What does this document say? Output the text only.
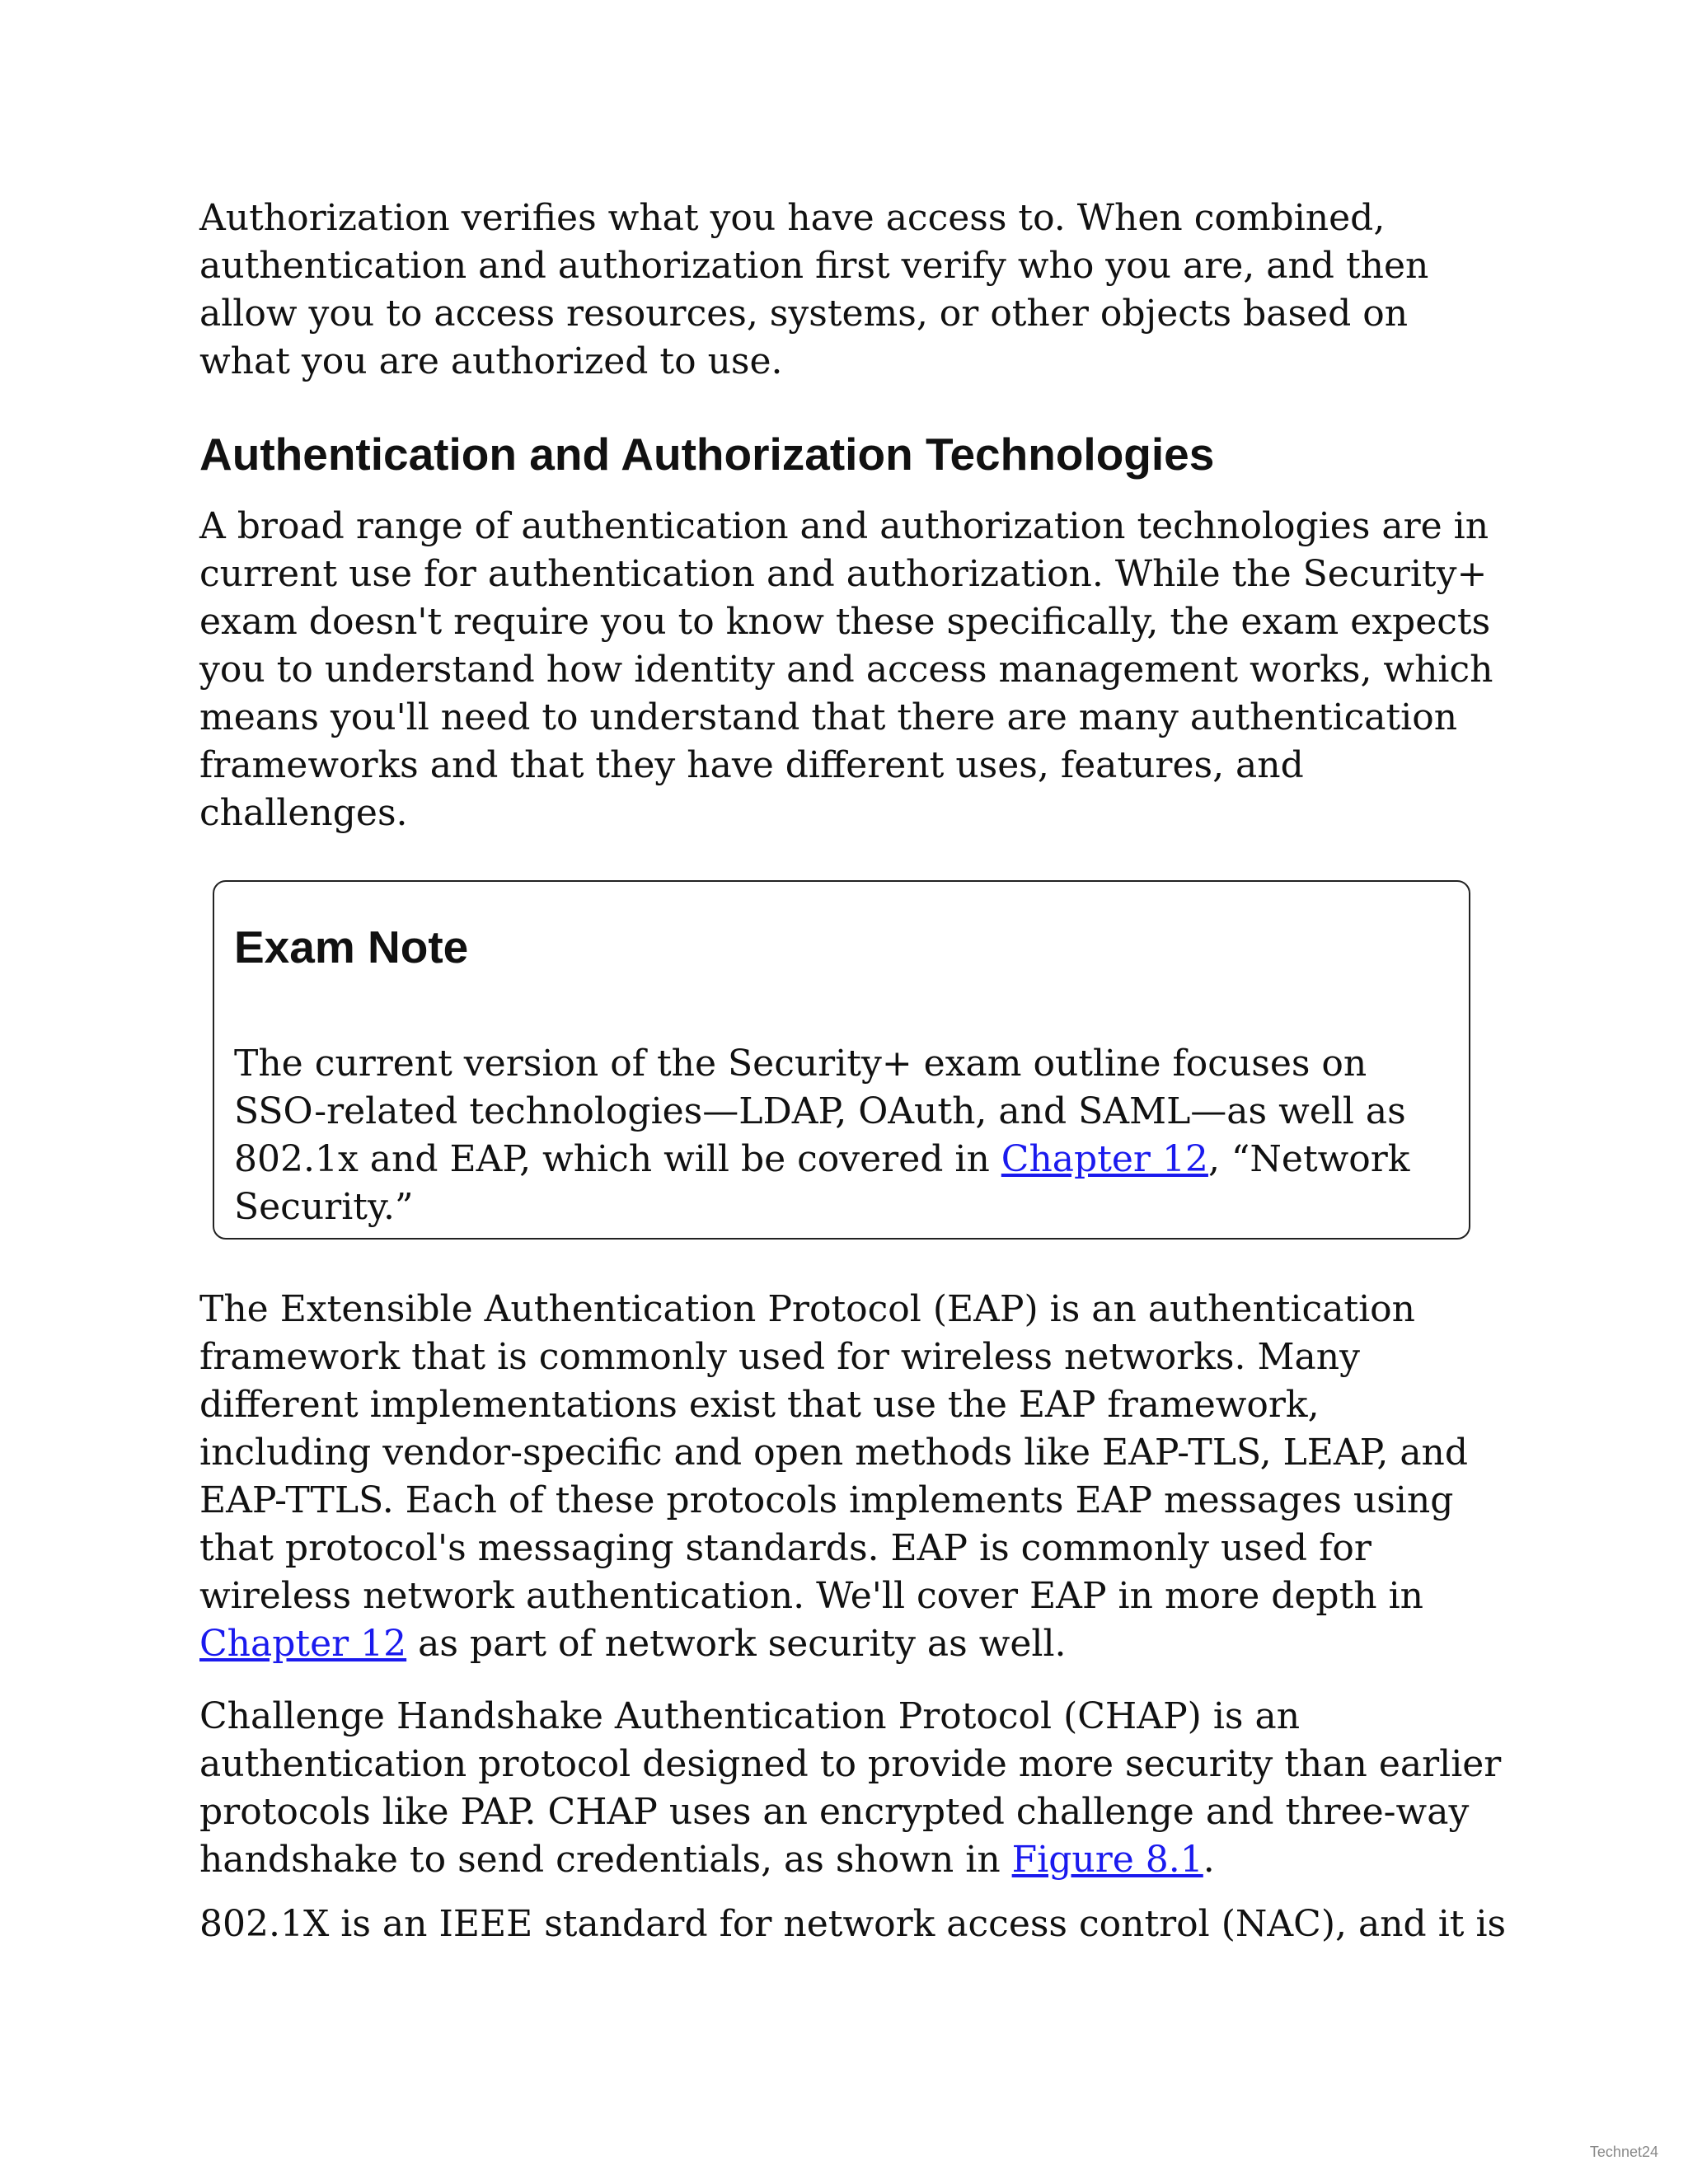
Authorization verifies what you have access to. When combined, authentication and authorization first verify who you are, and then allow you to access resources, systems, or other objects based on what you are authorized to use.

Authentication and Authorization Technologies

A broad range of authentication and authorization technologies are in current use for authentication and authorization. While the Security+ exam doesn't require you to know these specifically, the exam expects you to understand how identity and access management works, which means you'll need to understand that there are many authentication frameworks and that they have different uses, features, and challenges.

Exam Note

The current version of the Security+ exam outline focuses on SSO-related technologies—LDAP, OAuth, and SAML—as well as 802.1x and EAP, which will be covered in Chapter 12, “Network Security.”

The Extensible Authentication Protocol (EAP) is an authentication framework that is commonly used for wireless networks. Many different implementations exist that use the EAP framework, including vendor-specific and open methods like EAP-TLS, LEAP, and EAP-TTLS. Each of these protocols implements EAP messages using that protocol's messaging standards. EAP is commonly used for wireless network authentication. We'll cover EAP in more depth in Chapter 12 as part of network security as well.

Challenge Handshake Authentication Protocol (CHAP) is an authentication protocol designed to provide more security than earlier protocols like PAP. CHAP uses an encrypted challenge and three-way handshake to send credentials, as shown in Figure 8.1.

802.1X is an IEEE standard for network access control (NAC), and it is

Technet24
